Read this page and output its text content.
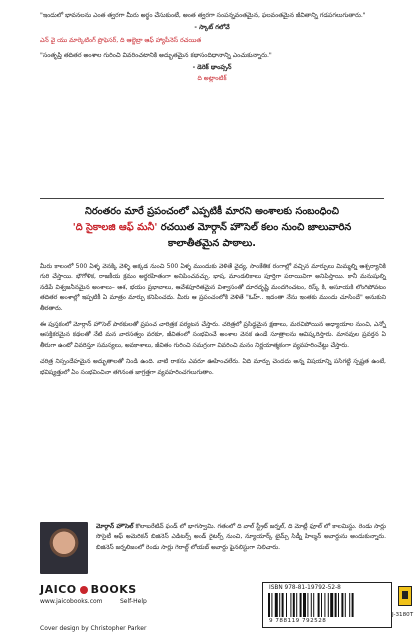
"ఇందులో భావనలను ఎంత త్వరగా మీరు అర్థం చేసుకుంటే, అంత త్వరగా సంపన్నవంతమైన, ఫలవంతమైన జీవితాన్ని గడపగలుగుతారు."

- స్కాట్ గలోవే

ఎన్ వై యు మార్కెటింగ్ ప్రొఫెసర్, ది ఆల్జెబ్రా ఆఫ్ హ్యాపీనెస్ రచయిత

"సంతృప్తి తదితర అంశాల గురించి వివరించటానికి అద్భుతమైన కథాసందిధానాన్ని ఎంచుకున్నారు."

- డెరెక్ థాంప్సన్

ది అట్లాంటిక్

నిరంతరం మారే ప్రపంచంలో ఎప్పటికీ మారని అంశాలకు సంబంధించి
'ది సైకాలజి ఆఫ్ మనీ' రచయిత మోర్గాన్ హౌసెల్ కలం నుంచి జాలువారిన
కాలాతీతమైన పాఠాలు.

మీరు కాలంలో 500 ఏళ్ళ వెనక్కి వెళ్ళి అక్కడ నుంచి 500 ఏళ్ళ ముందుకు వెళితే వైద్య, సాంకేతిక రంగాల్లో వచ్చిన మార్పులు మిమ్మల్ని ఆశ్చర్యానికి గురి చేస్తాయి. భౌగోళిక, రాజకీయ క్రమం అర్థరహితంగా అనిపించవచ్చు. భాష, మాండలికాలు పూర్తిగా పరాయివిగా అనిపిస్తాయి. కానీ మనుషుల్ని నడిపే విశ్వజనీనమైన అంశాలు– ఆశ, భయం ప్రభావాలు, ఆవేశపూరితమైన విశ్వాసంతో దూరదృష్టి మందగించటం, రిస్క్ కి, అసూయకి లొంగిపోవటం తదితర అంశాల్లో ఇప్పటికీ ఏ మాత్రం మార్పు కనిపించదు. మీరు ఆ ప్రపంచంలోకి వెళితే "ఓహ్.. ఇదంతా నేను ఇంతకు ముందు చూసిందే" అనుకుని తీరతారు.

ఈ పుస్తకంలో మోర్గాన్ హౌసెల్ పాఠకులతో ప్రపంచ చారిత్రక పర్యటన చేస్తారు. చరిత్రలో ప్రసిద్ధమైన క్షణాలు, మరచిపోయిన అధ్యాయాల నుంచి, ఎన్నో ఆసక్తికరమైన కథలతో నేటి మన వారసత్వం వరకూ, జీవితంలో సంభవించే అంశాల వెనక ఉండే సూత్రాలను ఆవిష్కరిస్తారు. మానవుల ప్రవర్తన ఏ తీరుగా ఉంటో వివరిస్తూ సమస్యలు, అవకాశాలు, జీవితం గురించి సమగ్రంగా వివరించి మనం నిర్ణయాత్మకంగా వ్యవహరించేట్టు చేస్తారు.

చరిత్ర నిస్సందేహమైన అద్భుతాలతో నిండి ఉంది. వాటి రాకను ఎవరూ ఊహించలేరు. ఏది మార్పు చెందదు అన్న విషయాన్ని పసిగట్టి స్పష్టత ఉంటే, భవిష్యత్తులో ఏం సంభవించినా తగినంత జాగ్రత్తగా వ్యవహరించగలుగుతాం.

మోర్గాన్ హౌసెల్ కొలాబరేటివ్ ఫండ్ లో భాగస్వామి. గతంలో ది వాల్ స్ట్రీట్ జర్నల్, ది మోట్లీ ఫూల్ లో కాలమిస్టు. రెండు సార్లు సొసైటీ ఆఫ్ అమెరికన్ బిజినెస్ ఎడిటర్స్ అండ్ రైటర్స్ నుంచి, న్యూయార్క్ టైమ్స్ సిడ్నీ హిల్మన్ అవార్డును అందుకున్నారు. బిజినెస్ జర్నలిజంలో రెండు సార్లు గెరాల్డ్ లోయబ్ అవార్డు ఫైనలిస్టుగా నిలిచారు.
JAICO BOOKS
www.jaicobooks.com	Self-Help
Cover design by Christopher Parker
ISBN 978-81-19792-52-8
9 788119 792528
J-3180T
